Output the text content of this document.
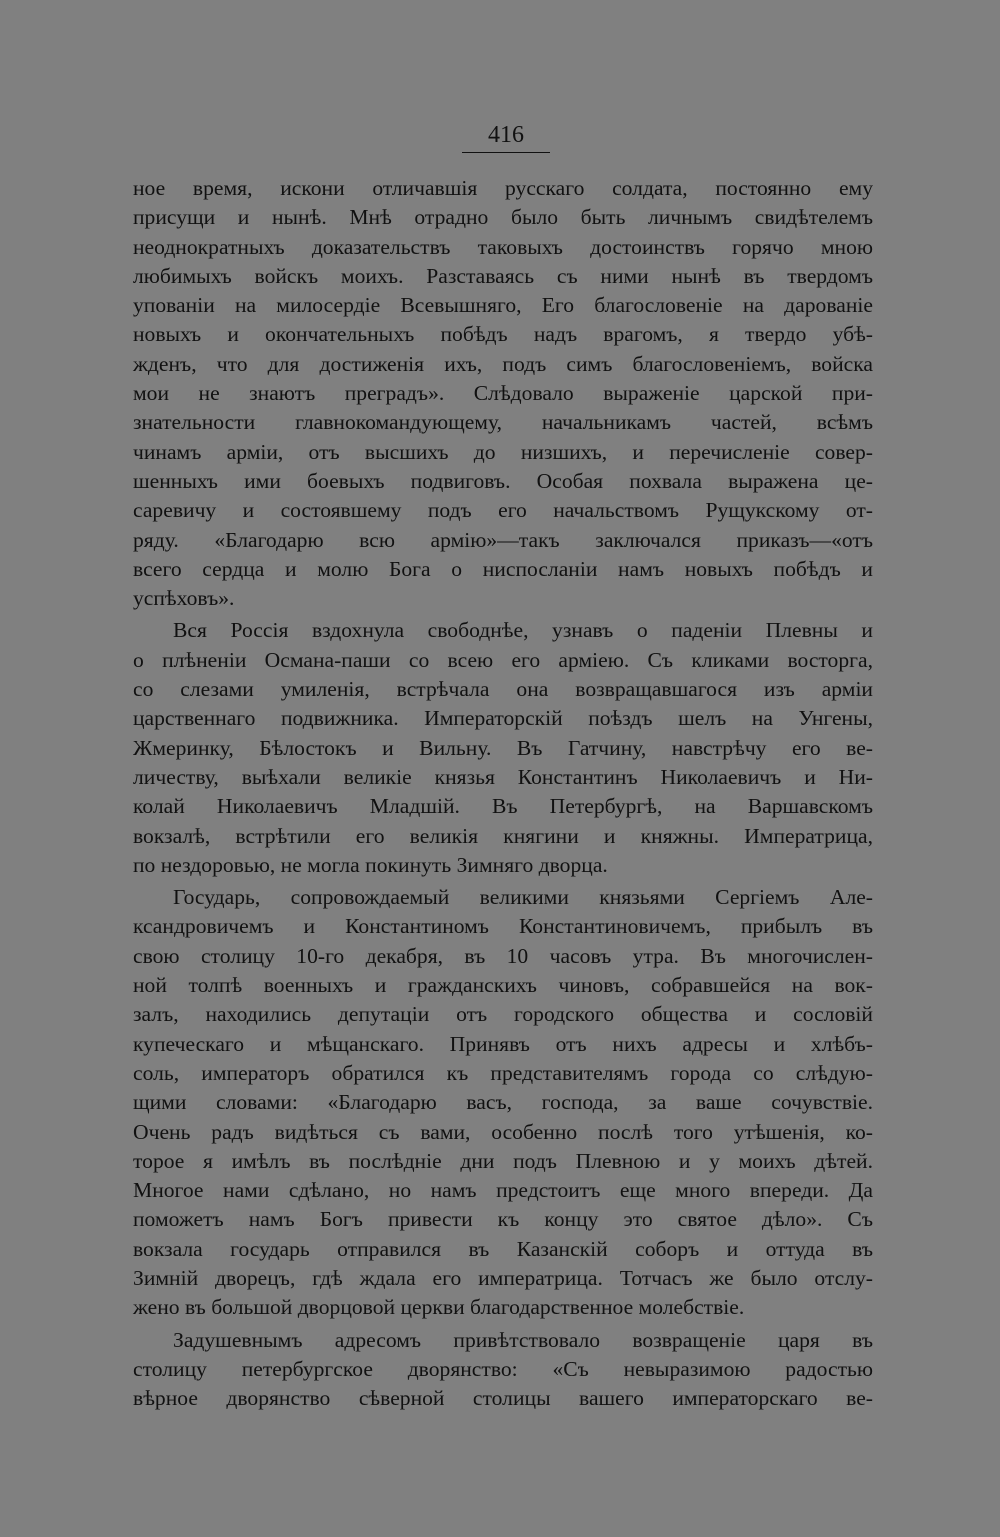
416
ное время, искони отличавшія русскаго солдата, постоянно ему
присущи и нынѣ. Мнѣ отрадно было быть личнымъ свидѣтелемъ
неоднократныхъ доказательствъ таковыхъ достоинствъ горячо мною
любимыхъ войскъ моихъ. Разставаясь съ ними нынѣ въ твердомъ
упованіи на милосердіе Всевышняго, Его благословеніе на дарованіе
новыхъ и окончательныхъ побѣдъ надъ врагомъ, я твердо убѣ-
жденъ, что для достиженія ихъ, подъ симъ благословеніемъ, войска
мои не знаютъ преградъ». Слѣдовало выраженіе царской при-
знательности главнокомандующему, начальникамъ частей, всѣмъ
чинамъ арміи, отъ высшихъ до низшихъ, и перечисленіе совер-
шенныхъ ими боевыхъ подвиговъ. Особая похвала выражена це-
саревичу и состоявшему подъ его начальствомъ Рущукскому от-
ряду. «Благодарю всю армію»—такъ заключался приказъ—«отъ
всего сердца и молю Бога о ниспосланіи намъ новыхъ побѣдъ и
успѣховъ».
Вся Россія вздохнула свободнѣе, узнавъ о паденіи Плевны и
о плѣненіи Османа-паши со всею его арміею. Съ кликами восторга,
со слезами умиленія, встрѣчала она возвращавшагося изъ арміи
царственнаго подвижника. Императорскій поѣздъ шелъ на Унгены,
Жмеринку, Бѣлостокъ и Вильну. Въ Гатчину, навстрѣчу его ве-
личеству, выѣхали великіе князья Константинъ Николаевичъ и Ни-
колай Николаевичъ Младшій. Въ Петербургѣ, на Варшавскомъ
вокзалѣ, встрѣтили его великія княгини и княжны. Императрица,
по нездоровью, не могла покинуть Зимняго дворца.
Государь, сопровождаемый великими князьями Сергіемъ Але-
ксандровичемъ и Константиномъ Константиновичемъ, прибылъ въ
свою столицу 10-го декабря, въ 10 часовъ утра. Въ многочислен-
ной толпѣ военныхъ и гражданскихъ чиновъ, собравшейся на вок-
залъ, находились депутаціи отъ городского общества и сословій
купеческаго и мѣщанскаго. Принявъ отъ нихъ адресы и хлѣбъ-
соль, императоръ обратился къ представителямъ города со слѣдую-
щими словами: «Благодарю васъ, господа, за ваше сочувствіе.
Очень радъ видѣться съ вами, особенно послѣ того утѣшенія, ко-
торое я имѣлъ въ послѣдніе дни подъ Плевною и у моихъ дѣтей.
Многое нами сдѣлано, но намъ предстоитъ еще много впереди. Да
поможетъ намъ Богъ привести къ концу это святое дѣло». Съ
вокзала государь отправился въ Казанскій соборъ и оттуда въ
Зимній дворецъ, гдѣ ждала его императрица. Тотчасъ же было отслу-
жено въ большой дворцовой церкви благодарственное молебствіе.
Задушевнымъ адресомъ привѣтствовало возвращеніе царя въ
столицу петербургское дворянство: «Съ невыразимою радостью
вѣрное дворянство сѣверной столицы вашего императорскаго ве-
